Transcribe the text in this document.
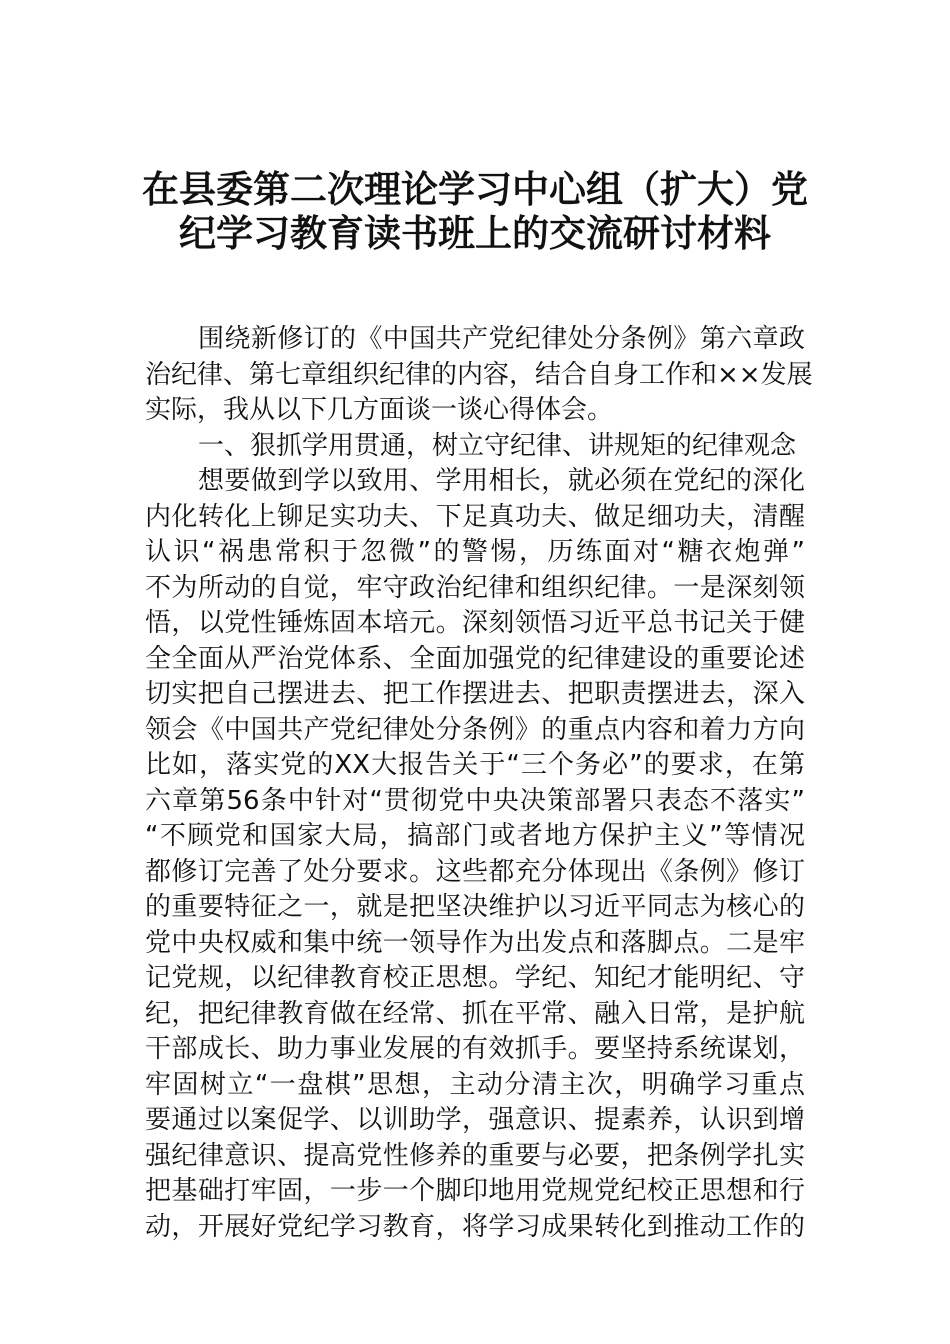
在县委第二次理论学习中心组（扩大）党
纪学习教育读书班上的交流研讨材料
围绕新修订的《中国共产党纪律处分条例》第六章政
治纪律、第七章组织纪律的内容，结合自身工作和××发展
实际，我从以下几方面谈一谈心得体会。
一、狠抓学用贯通，树立守纪律、讲规矩的纪律观念
想要做到学以致用、学用相长，就必须在党纪的深化
内化转化上铆足实功夫、下足真功夫、做足细功夫，清醒
认识“祸患常积于忽微”的警惕，历练面对“糖衣炮弹”
不为所动的自觉，牢守政治纪律和组织纪律。一是深刻领
悟，以党性锤炼固本培元。深刻领悟习近平总书记关于健
全全面从严治党体系、全面加强党的纪律建设的重要论述
切实把自己摆进去、把工作摆进去、把职责摆进去，深入
领会《中国共产党纪律处分条例》的重点内容和着力方向
比如，落实党的XX大报告关于“三个务必”的要求，在第
六章第56条中针对“贯彻党中央决策部署只表态不落实”
“不顾党和国家大局，搞部门或者地方保护主义”等情况
都修订完善了处分要求。这些都充分体现出《条例》修订
的重要特征之一，就是把坚决维护以习近平同志为核心的
党中央权威和集中统一领导作为出发点和落脚点。二是牢
记党规，以纪律教育校正思想。学纪、知纪才能明纪、守
纪，把纪律教育做在经常、抓在平常、融入日常，是护航
干部成长、助力事业发展的有效抓手。要坚持系统谋划，
牢固树立“一盘棋”思想，主动分清主次，明确学习重点
要通过以案促学、以训助学，强意识、提素养，认识到增
强纪律意识、提高党性修养的重要与必要，把条例学扎实
把基础打牢固，一步一个脚印地用党规党纪校正思想和行
动，开展好党纪学习教育，将学习成果转化到推动工作的
